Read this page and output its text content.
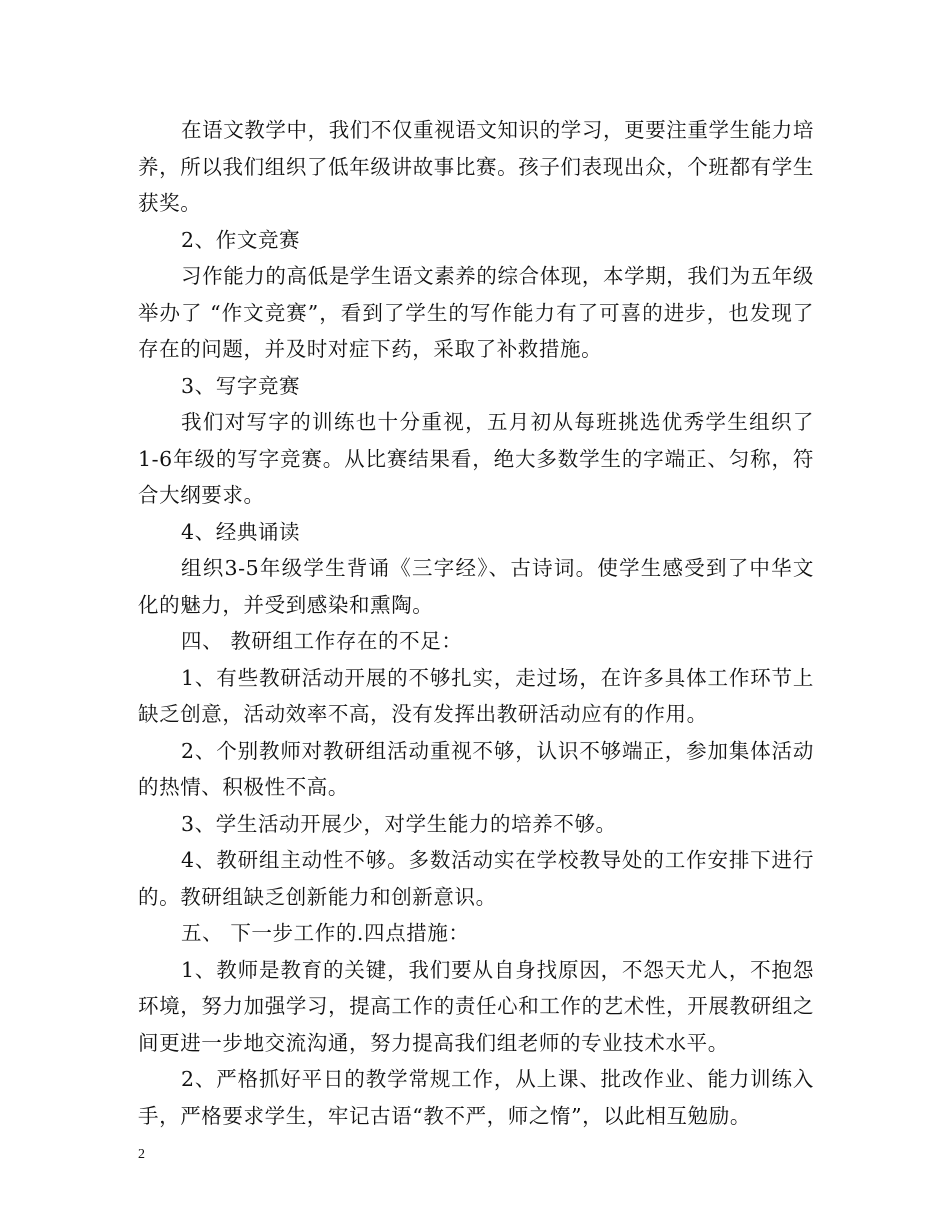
在语文教学中，我们不仅重视语文知识的学习，更要注重学生能力培养，所以我们组织了低年级讲故事比赛。孩子们表现出众，个班都有学生获奖。

2、作文竞赛

习作能力的高低是学生语文素养的综合体现，本学期，我们为五年级举办了 “作文竞赛”，看到了学生的写作能力有了可喜的进步，也发现了存在的问题，并及时对症下药，采取了补救措施。

3、写字竞赛

我们对写字的训练也十分重视，五月初从每班挑选优秀学生组织了1-6年级的写字竞赛。从比赛结果看，绝大多数学生的字端正、匀称，符合大纲要求。

4、经典诵读

组织3-5年级学生背诵《三字经》、古诗词。使学生感受到了中华文化的魅力，并受到感染和熏陶。

四、 教研组工作存在的不足：

1、有些教研活动开展的不够扎实，走过场，在许多具体工作环节上缺乏创意，活动效率不高，没有发挥出教研活动应有的作用。

2、个别教师对教研组活动重视不够，认识不够端正，参加集体活动的热情、积极性不高。

3、学生活动开展少，对学生能力的培养不够。

4、教研组主动性不够。多数活动实在学校教导处的工作安排下进行的。教研组缺乏创新能力和创新意识。

五、 下一步工作的.四点措施：

1、教师是教育的关键，我们要从自身找原因，不怨天尤人，不抱怨环境，努力加强学习，提高工作的责任心和工作的艺术性，开展教研组之间更进一步地交流沟通，努力提高我们组老师的专业技术水平。

2、严格抓好平日的教学常规工作，从上课、批改作业、能力训练入手，严格要求学生，牢记古语“教不严，师之惰”，以此相互勉励。

2
